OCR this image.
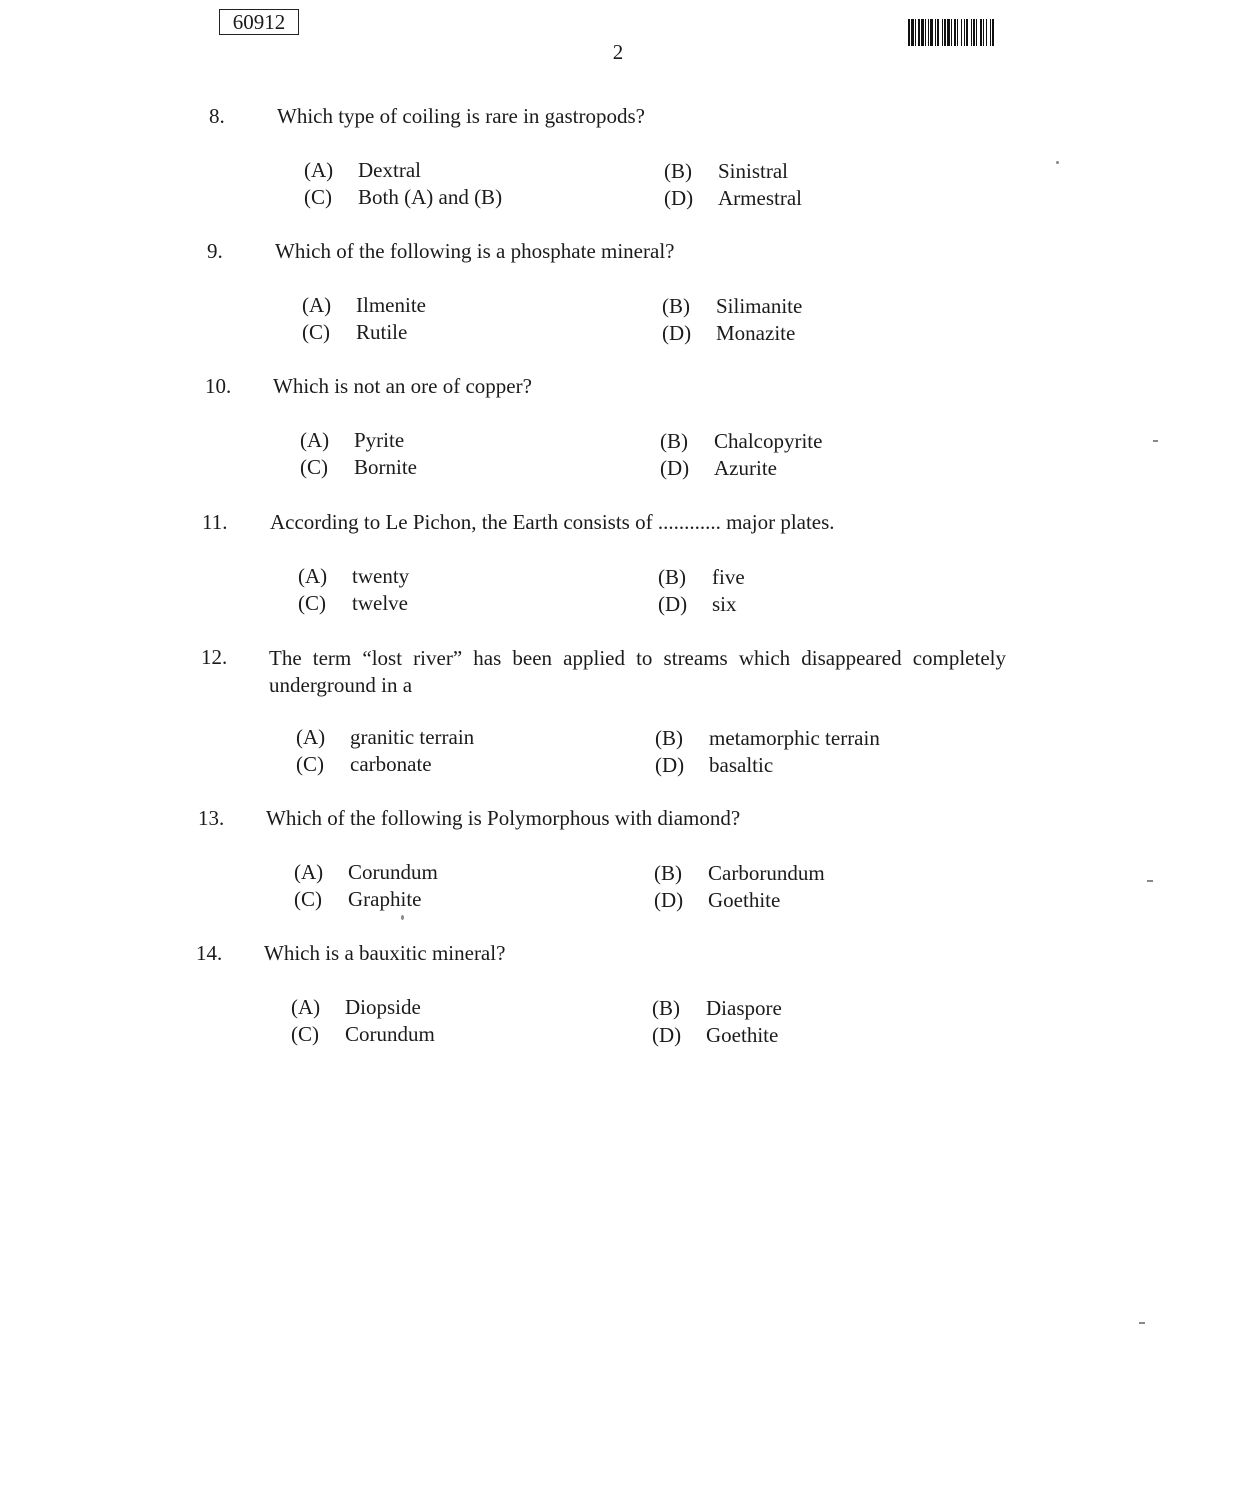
60912
2
8. Which type of coiling is rare in gastropods?
(A) Dextral	(B) Sinistral
(C) Both (A) and (B)	(D) Armestral
9. Which of the following is a phosphate mineral?
(A) Ilmenite	(B) Silimanite
(C) Rutile	(D) Monazite
10. Which is not an ore of copper?
(A) Pyrite	(B) Chalcopyrite
(C) Bornite	(D) Azurite
11. According to Le Pichon, the Earth consists of ............ major plates.
(A) twenty	(B) five
(C) twelve	(D) six
12. The term “lost river” has been applied to streams which disappeared completely underground in a
(A) granitic terrain	(B) metamorphic terrain
(C) carbonate	(D) basaltic
13. Which of the following is Polymorphous with diamond?
(A) Corundum	(B) Carborundum
(C) Graphite	(D) Goethite
14. Which is a bauxitic mineral?
(A) Diopside	(B) Diaspore
(C) Corundum	(D) Goethite
